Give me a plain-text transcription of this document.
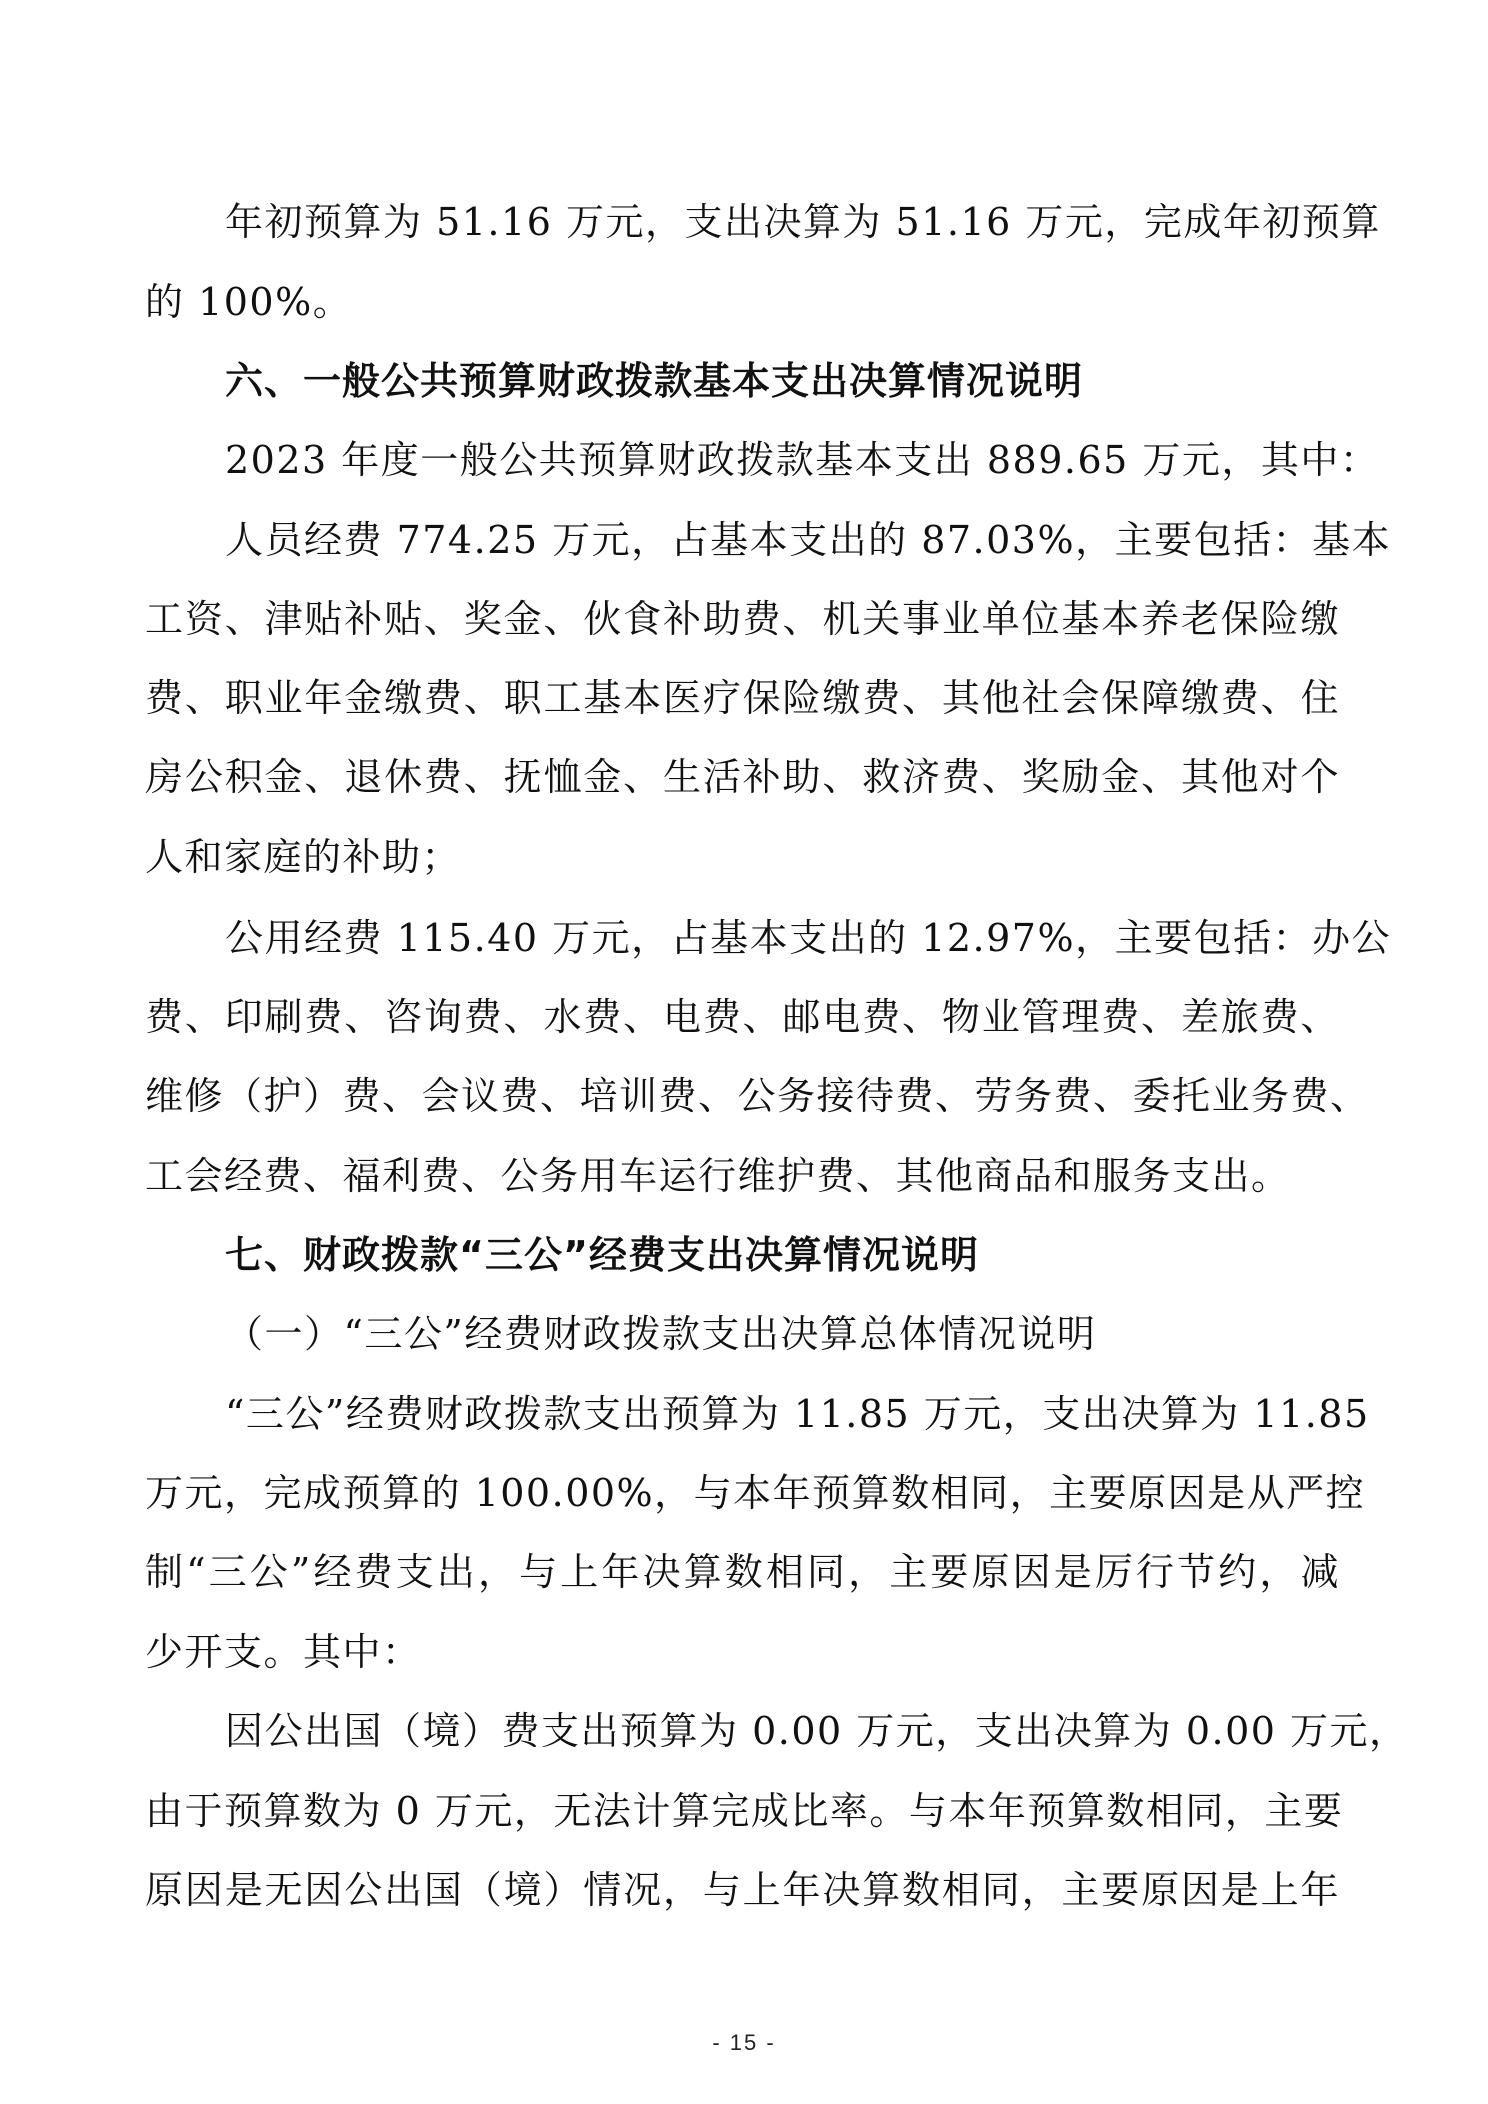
年初预算为 51.16 万元，支出决算为 51.16 万元，完成年初预算
的 100%。
六、一般公共预算财政拨款基本支出决算情况说明
2023 年度一般公共预算财政拨款基本支出 889.65 万元，其中：
人员经费 774.25 万元，占基本支出的 87.03%，主要包括：基本
工资、津贴补贴、奖金、伙食补助费、机关事业单位基本养老保险缴
费、职业年金缴费、职工基本医疗保险缴费、其他社会保障缴费、住
房公积金、退休费、抚恤金、生活补助、救济费、奖励金、其他对个
人和家庭的补助；
公用经费 115.40 万元，占基本支出的 12.97%，主要包括：办公
费、印刷费、咨询费、水费、电费、邮电费、物业管理费、差旅费、
维修（护）费、会议费、培训费、公务接待费、劳务费、委托业务费、
工会经费、福利费、公务用车运行维护费、其他商品和服务支出。
七、财政拨款“三公”经费支出决算情况说明
（一）“三公”经费财政拨款支出决算总体情况说明
“三公”经费财政拨款支出预算为 11.85 万元，支出决算为 11.85
万元，完成预算的 100.00%，与本年预算数相同，主要原因是从严控
制“三公”经费支出，与上年决算数相同，主要原因是厉行节约，减
少开支。其中：
因公出国（境）费支出预算为 0.00 万元，支出决算为 0.00 万元，
由于预算数为 0 万元，无法计算完成比率。与本年预算数相同，主要
原因是无因公出国（境）情况，与上年决算数相同，主要原因是上年
- 15 -
